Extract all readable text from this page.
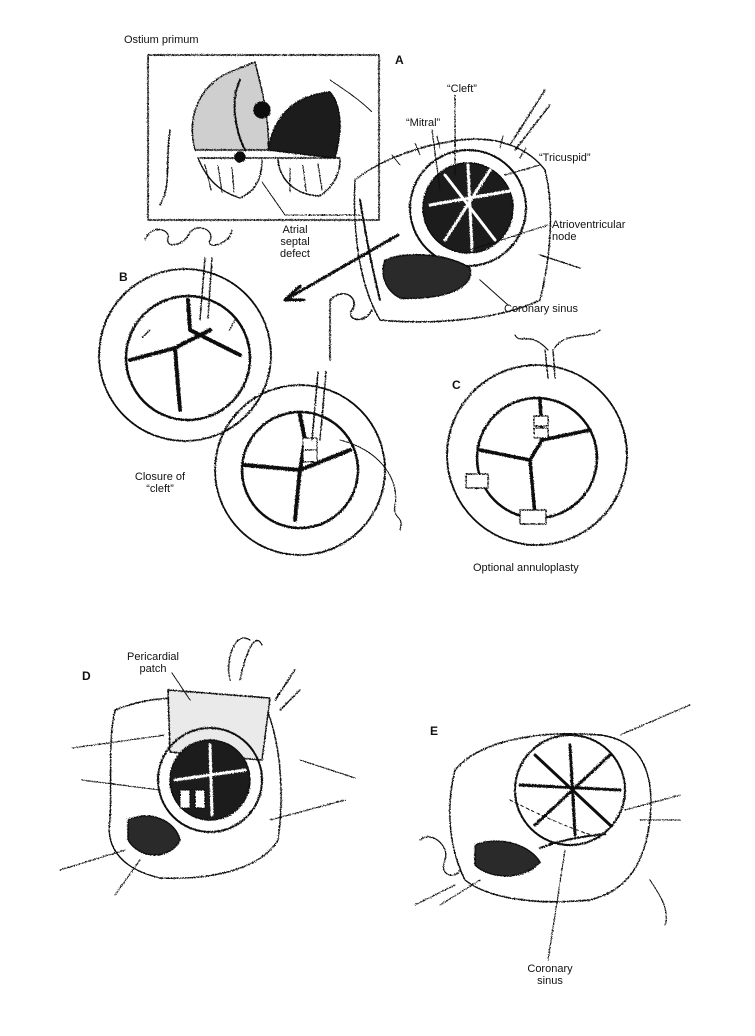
A
B
C
D
E
Ostium primum
“Cleft”
“Mitral”
“Tricuspid”
Atrioventricular
node
Atrial
septal
defect
Coronary sinus
Closure of
“cleft”
Optional annuloplasty
Pericardial
patch
Coronary
sinus
